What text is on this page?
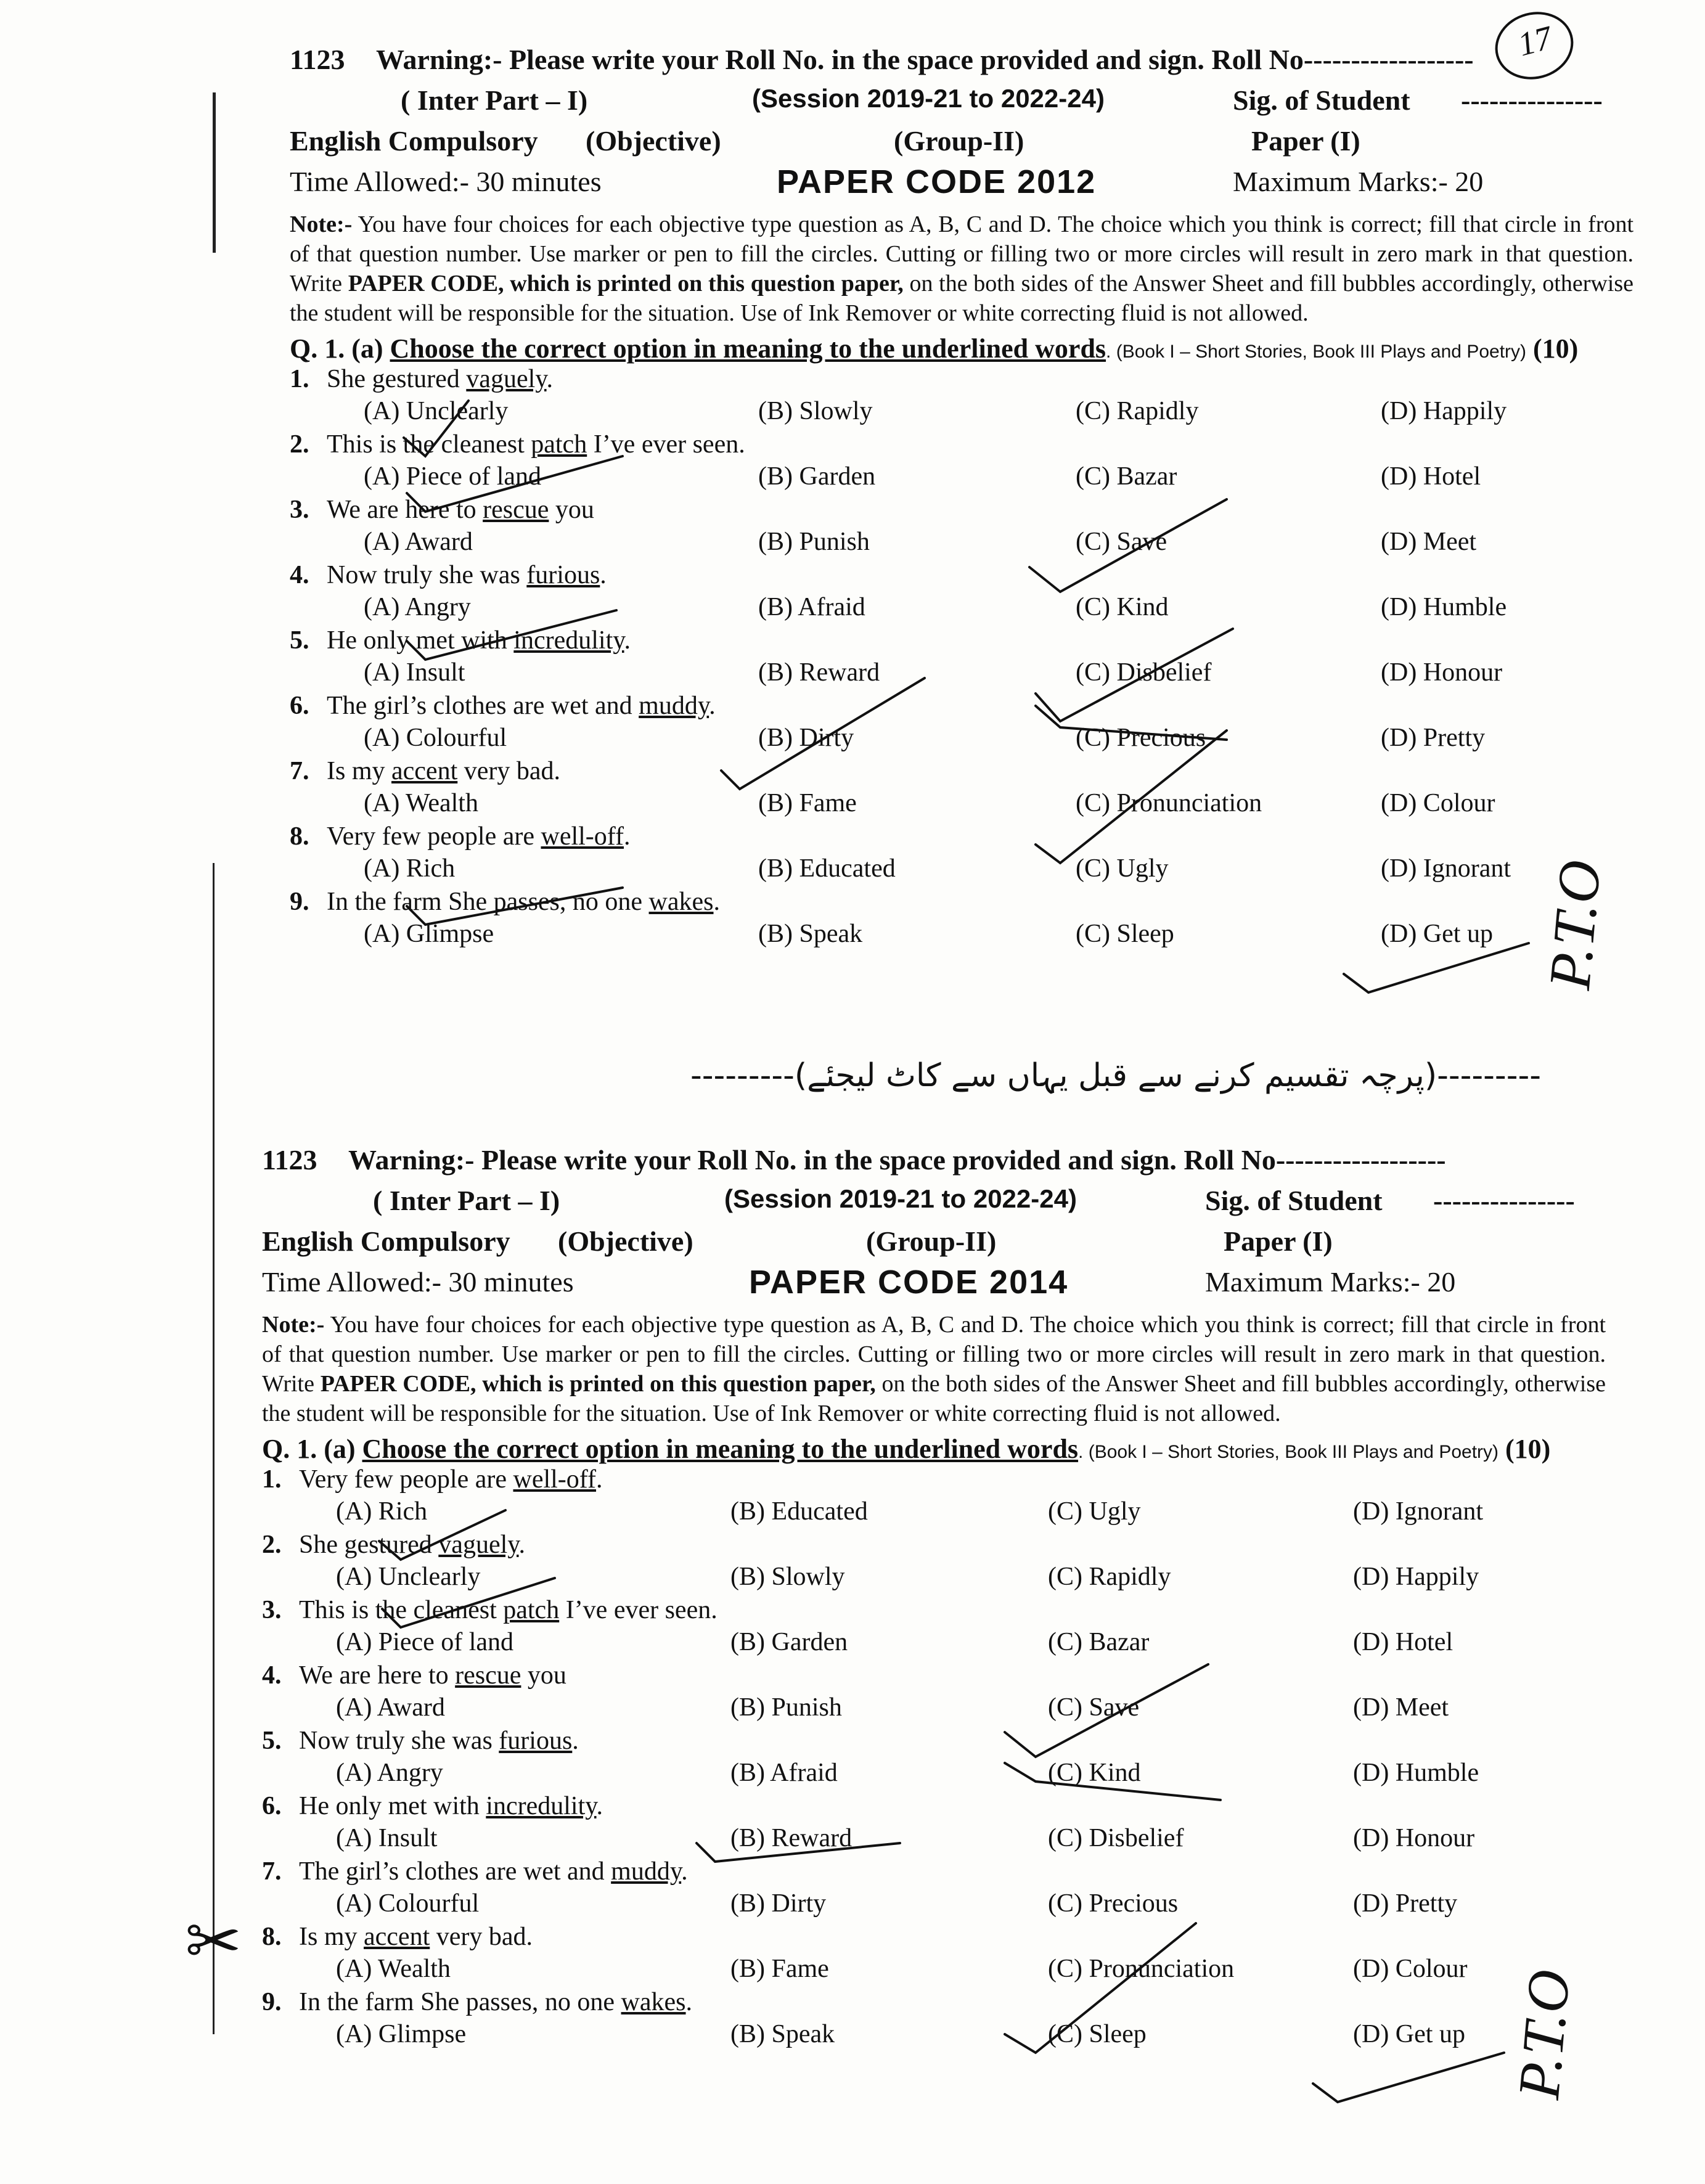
17
1123 Warning:- Please write your Roll No. in the space provided and sign. Roll No------------------
( Inter Part – I)	(Session 2019-21 to 2022-24)	Sig. of Student ---------------
English Compulsory (Objective)	(Group-II)	Paper (I)
Time Allowed:- 30 minutes	PAPER CODE 2012	Maximum Marks:- 20
Note:- You have four choices for each objective type question as A, B, C and D. The choice which you think is correct; fill that circle in front of that question number. Use marker or pen to fill the circles. Cutting or filling two or more circles will result in zero mark in that question. Write PAPER CODE, which is printed on this question paper, on the both sides of the Answer Sheet and fill bubbles accordingly, otherwise the student will be responsible for the situation. Use of Ink Remover or white correcting fluid is not allowed.
Q. 1. (a) Choose the correct option in meaning to the underlined words. (Book I – Short Stories, Book III Plays and Poetry) (10)
1. She gestured vaguely.
(A) Unclearly	(B) Slowly	(C) Rapidly	(D) Happily
2. This is the cleanest patch I’ve ever seen.
(A) Piece of land	(B) Garden	(C) Bazar	(D) Hotel
3. We are here to rescue you
(A) Award	(B) Punish	(C) Save	(D) Meet
4. Now truly she was furious.
(A) Angry	(B) Afraid	(C) Kind	(D) Humble
5. He only met with incredulity.
(A) Insult	(B) Reward	(C) Disbelief	(D) Honour
6. The girl’s clothes are wet and muddy.
(A) Colourful	(B) Dirty	(C) Precious	(D) Pretty
7. Is my accent very bad.
(A) Wealth	(B) Fame	(C) Pronunciation	(D) Colour
8. Very few people are well-off.
(A) Rich	(B) Educated	(C) Ugly	(D) Ignorant
9. In the farm She passes, no one wakes.
(A) Glimpse	(B) Speak	(C) Sleep	(D) Get up
---------(پرچہ تقسیم کرنے سے قبل یہاں سے کاٹ لیجئے)---------
1123 Warning:- Please write your Roll No. in the space provided and sign. Roll No------------------
( Inter Part – I)	(Session 2019-21 to 2022-24)	Sig. of Student ---------------
English Compulsory (Objective)	(Group-II)	Paper (I)
Time Allowed:- 30 minutes	PAPER CODE 2014	Maximum Marks:- 20
Note:- You have four choices for each objective type question as A, B, C and D. The choice which you think is correct; fill that circle in front of that question number. Use marker or pen to fill the circles. Cutting or filling two or more circles will result in zero mark in that question. Write PAPER CODE, which is printed on this question paper, on the both sides of the Answer Sheet and fill bubbles accordingly, otherwise the student will be responsible for the situation. Use of Ink Remover or white correcting fluid is not allowed.
Q. 1. (a) Choose the correct option in meaning to the underlined words. (Book I – Short Stories, Book III Plays and Poetry) (10)
1. Very few people are well-off.
(A) Rich	(B) Educated	(C) Ugly	(D) Ignorant
2. She gestured vaguely.
(A) Unclearly	(B) Slowly	(C) Rapidly	(D) Happily
3. This is the cleanest patch I’ve ever seen.
(A) Piece of land	(B) Garden	(C) Bazar	(D) Hotel
4. We are here to rescue you
(A) Award	(B) Punish	(C) Save	(D) Meet
5. Now truly she was furious.
(A) Angry	(B) Afraid	(C) Kind	(D) Humble
6. He only met with incredulity.
(A) Insult	(B) Reward	(C) Disbelief	(D) Honour
7. The girl’s clothes are wet and muddy.
(A) Colourful	(B) Dirty	(C) Precious	(D) Pretty
8. Is my accent very bad.
(A) Wealth	(B) Fame	(C) Pronunciation	(D) Colour
9. In the farm She passes, no one wakes.
(A) Glimpse	(B) Speak	(C) Sleep	(D) Get up
P.T.O
P.T.O
✂
